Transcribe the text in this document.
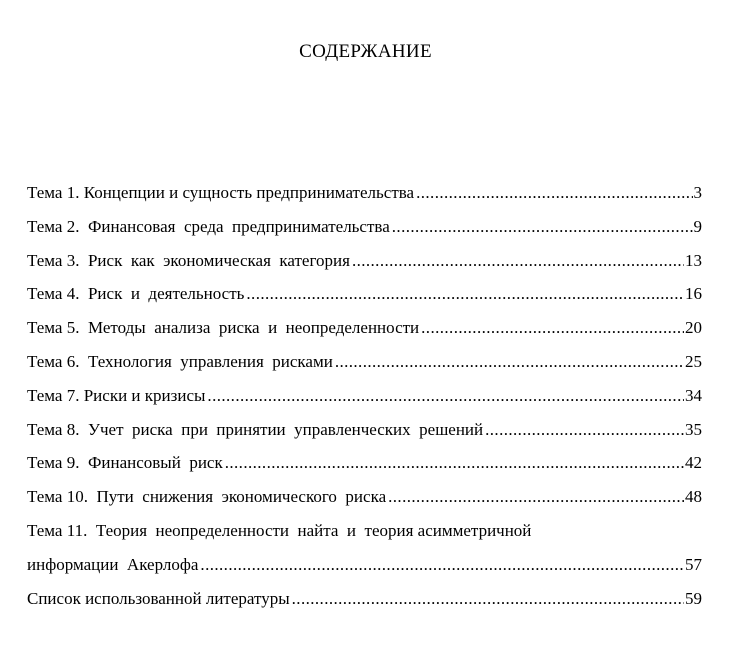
СОДЕРЖАНИЕ
Тема 1. Концепции и сущность предпринимательства .....	3
Тема 2.  Финансовая  среда  предпринимательства .....	9
Тема 3.  Риск  как  экономическая  категория .....	13
Тема 4.  Риск  и  деятельность .....	16
Тема 5.  Методы  анализа  риска  и  неопределенности .....	20
Тема 6.  Технология  управления  рисками .....	25
Тема 7. Риски и кризисы .....	34
Тема 8.  Учет  риска  при  принятии  управленческих  решений .....	35
Тема 9.  Финансовый  риск .....	42
Тема 10.  Пути  снижения  экономического  риска .....	48
Тема 11.  Теория  неопределенности  найта  и  теория асимметричной
информации  Акерлофа .....	57
Список использованной литературы .....	59
